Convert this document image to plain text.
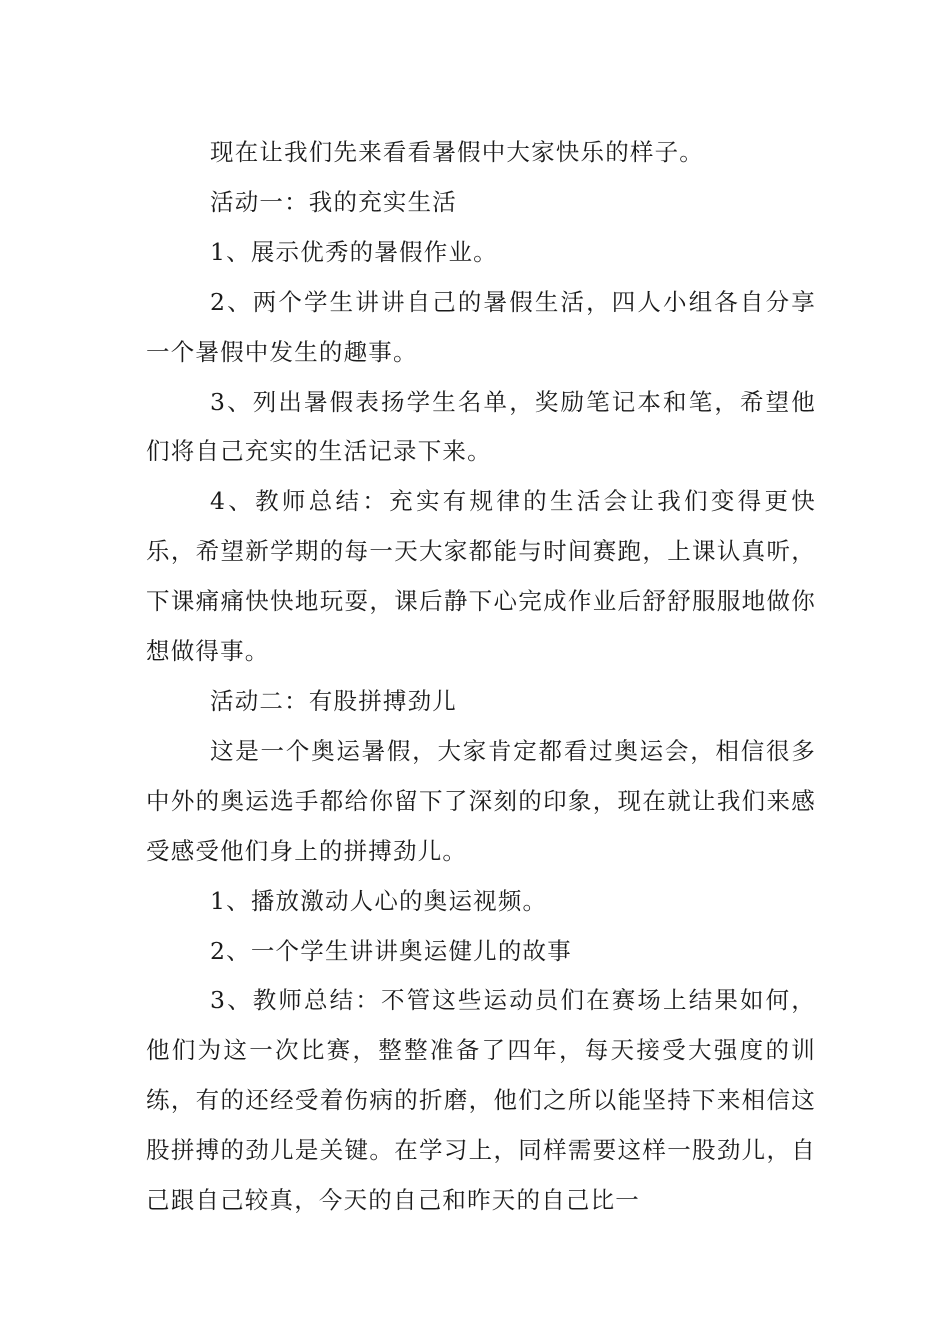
现在让我们先来看看暑假中大家快乐的样子。

活动一：我的充实生活

1、展示优秀的暑假作业。

2、两个学生讲讲自己的暑假生活，四人小组各自分享一个暑假中发生的趣事。

3、列出暑假表扬学生名单，奖励笔记本和笔，希望他们将自己充实的生活记录下来。

4、教师总结：充实有规律的生活会让我们变得更快乐，希望新学期的每一天大家都能与时间赛跑，上课认真听，下课痛痛快快地玩耍，课后静下心完成作业后舒舒服服地做你想做得事。

活动二：有股拼搏劲儿

这是一个奥运暑假，大家肯定都看过奥运会，相信很多中外的奥运选手都给你留下了深刻的印象，现在就让我们来感受感受他们身上的拼搏劲儿。

1、播放激动人心的奥运视频。

2、一个学生讲讲奥运健儿的故事

3、教师总结：不管这些运动员们在赛场上结果如何，他们为这一次比赛，整整准备了四年，每天接受大强度的训练，有的还经受着伤病的折磨，他们之所以能坚持下来相信这股拼搏的劲儿是关键。在学习上，同样需要这样一股劲儿，自己跟自己较真，今天的自己和昨天的自己比一
